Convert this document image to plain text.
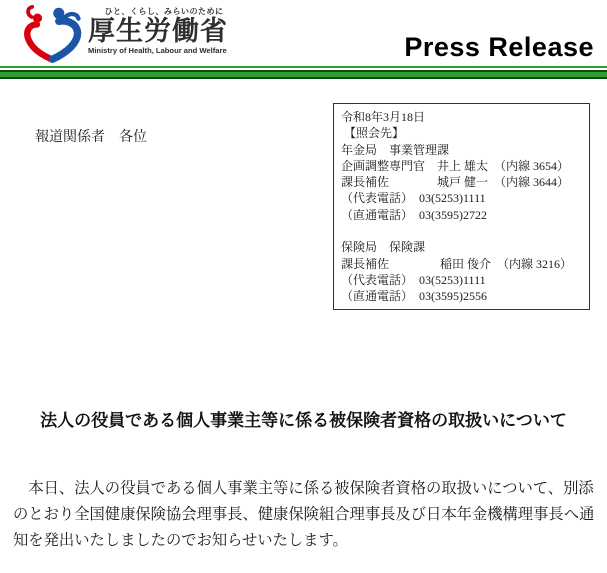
ひと、くらし、みらいのために
厚生労働省
Ministry of Health, Labour and Welfare	Press Release
報道関係者　各位
令和8年3月18日
【照会先】
年金局　事業管理課
企画調整専門官　井上 雄太　（内線 3654）
課長補佐　　　　城戸 健一　（内線 3644）
（代表電話）　03(5253)1111
（直通電話）　03(3595)2722
保険局　保険課
課長補佐　　　　 稲田 俊介　（内線 3216）
（代表電話）　03(5253)1111
（直通電話）　03(3595)2556
法人の役員である個人事業主等に係る被保険者資格の取扱いについて
　本日、法人の役員である個人事業主等に係る被保険者資格の取扱いについて、別添
のとおり全国健康保険協会理事長、健康保険組合理事長及び日本年金機構理事長へ通
知を発出いたしましたのでお知らせいたします。
